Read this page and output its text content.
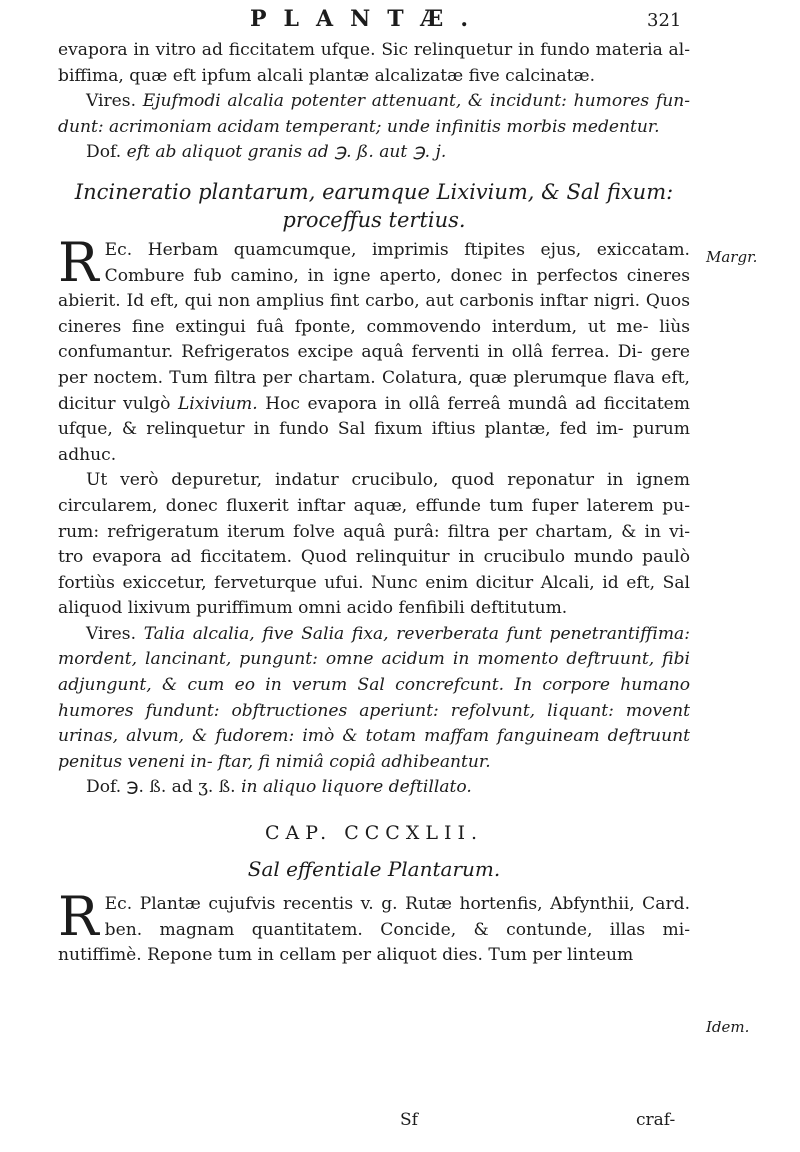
PLANTÆ.	321
Margr.
Idem.

evapora in vitro ad ficcitatem ufque. Sic relinquetur in fundo materia al- biffima, quæ eft ipfum alcali plantæ alcalizatæ five calcinatæ.

Vires. Ejufmodi alcalia potenter attenuant, & incidunt: humores fun- dunt: acrimoniam acidam temperant; unde infinitis morbis medentur.

Dof. eft ab aliquot granis ad ℈. ß. aut ℈. j.

Incineratio plantarum, earumque Lixivium, & Sal fixum:
proceffus tertius.

R Ec. Herbam quamcumque, imprimis ftipites ejus, exiccatam. Combure fub camino, in igne aperto, donec in perfectos cineres abierit. Id eft, qui non amplius fint carbo, aut carbonis inftar nigri. Quos cineres fine extingui fuâ fponte, commovendo interdum, ut me- liùs confumantur. Refrigeratos excipe aquâ ferventi in ollâ ferrea. Di- gere per noctem. Tum filtra per chartam. Colatura, quæ plerumque flava eft, dicitur vulgò Lixivium. Hoc evapora in ollâ ferreâ mundâ ad ficcitatem ufque, & relinquetur in fundo Sal fixum iftius plantæ, fed im- purum adhuc.

Ut verò depuretur, indatur crucibulo, quod reponatur in ignem circularem, donec fluxerit inftar aquæ, effunde tum fuper laterem pu- rum: refrigeratum iterum folve aquâ purâ: filtra per chartam, & in vi- tro evapora ad ficcitatem. Quod relinquitur in crucibulo mundo paulò fortiùs exiccetur, ferveturque ufui. Nunc enim dicitur Alcali, id eft, Sal aliquod lixivum puriffimum omni acido fenfibili deftitutum.

Vires. Talia alcalia, five Salia fixa, reverberata funt penetrantiffima: mordent, lancinant, pungunt: omne acidum in momento deftruunt, fibi adjungunt, & cum eo in verum Sal concrefcunt. In corpore humano humores fundunt: obftructiones aperiunt: refolvunt, liquant: movent urinas, alvum, & fudorem: imò & totam maffam fanguineam deftruunt penitus veneni in- ftar, fi nimiâ copiâ adhibeantur.

Dof. ℈. ß. ad ʒ. ß. in aliquo liquore deftillato.

CAP. CCCXLII.
Sal effentiale Plantarum.

R Ec. Plantæ cujufvis recentis v. g. Rutæ hortenfis, Abfynthii, Card. ben. magnam quantitatem. Concide, & contunde, illas mi- nutiffimè. Repone tum in cellam per aliquot dies. Tum per linteum

Sf	craf-
